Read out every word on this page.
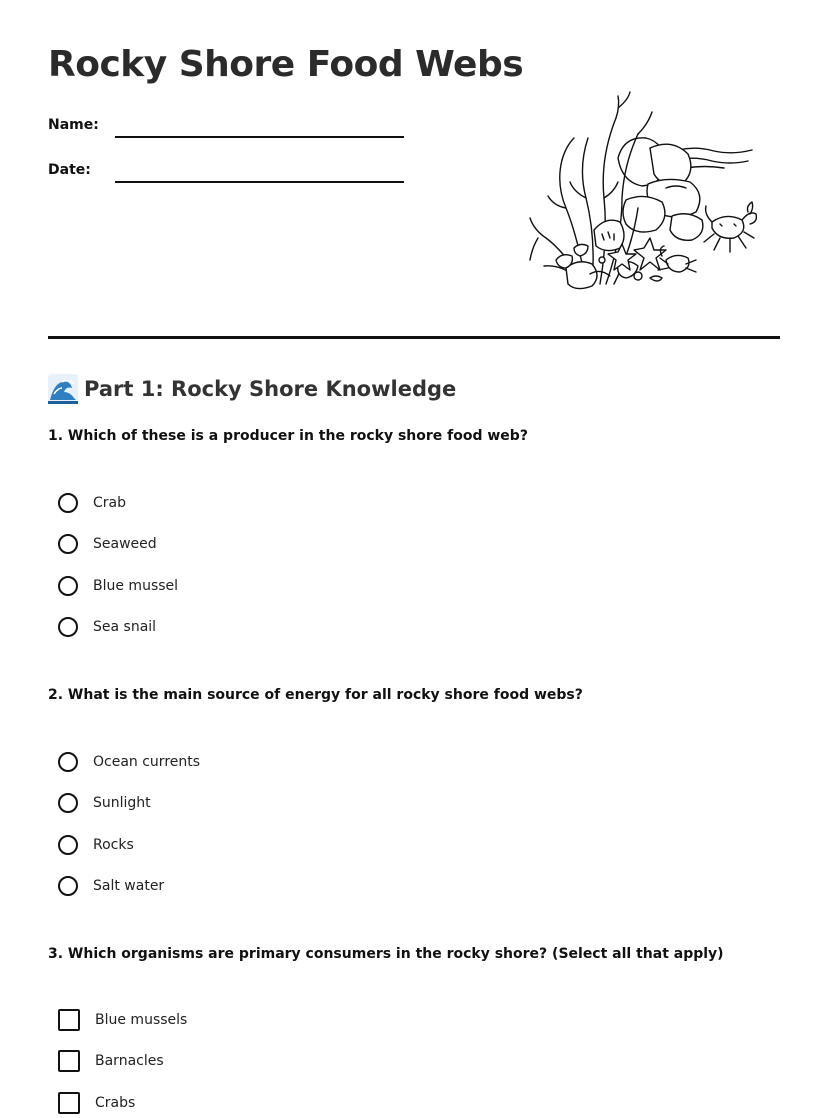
Rocky Shore Food Webs
Name:
Date:
Part 1: Rocky Shore Knowledge
1. Which of these is a producer in the rocky shore food web?
Crab
Seaweed
Blue mussel
Sea snail
2. What is the main source of energy for all rocky shore food webs?
Ocean currents
Sunlight
Rocks
Salt water
3. Which organisms are primary consumers in the rocky shore? (Select all that apply)
Blue mussels
Barnacles
Crabs
